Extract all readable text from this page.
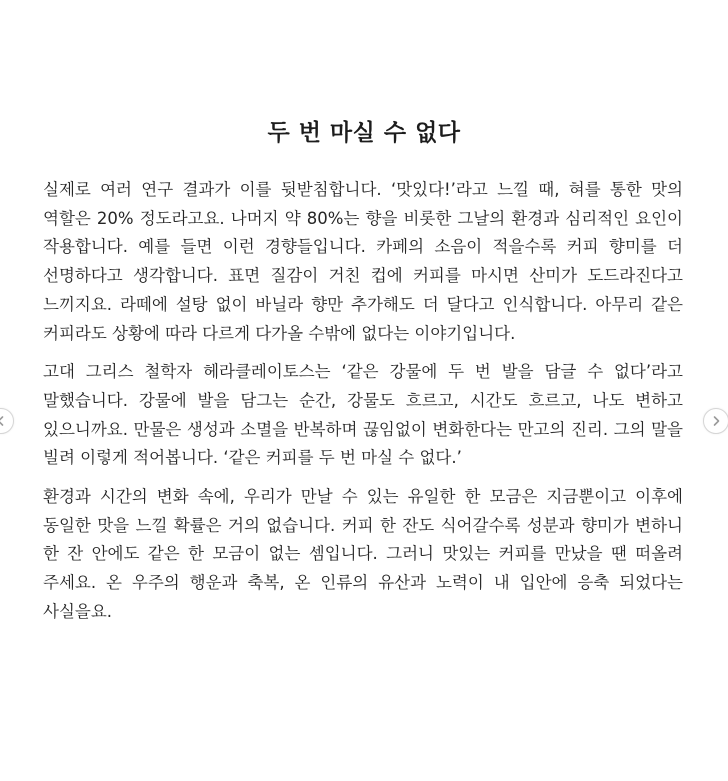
두 번 마실 수 없다

실제로 여러 연구 결과가 이를 뒷받침합니다. ‘맛있다!’라고 느낄 때, 혀를 통한 맛의 역할은 20% 정도라고요. 나머지 약 80%는 향을 비롯한 그날의 환경과 심리적인 요인이 작용합니다. 예를 들면 이런 경향들입니다. 카페의 소음이 적을수록 커피 향미를 더 선명하다고 생각합니다. 표면 질감이 거친 컵에 커피를 마시면 산미가 도드라진다고 느끼지요. 라떼에 설탕 없이 바닐라 향만 추가해도 더 달다고 인식합니다. 아무리 같은 커피라도 상황에 따라 다르게 다가올 수밖에 없다는 이야기입니다.

고대 그리스 철학자 헤라클레이토스는 ‘같은 강물에 두 번 발을 담글 수 없다’라고 말했습니다. 강물에 발을 담그는 순간, 강물도 흐르고, 시간도 흐르고, 나도 변하고 있으니까요. 만물은 생성과 소멸을 반복하며 끊임없이 변화한다는 만고의 진리. 그의 말을 빌려 이렇게 적어봅니다. ‘같은 커피를 두 번 마실 수 없다.’

환경과 시간의 변화 속에, 우리가 만날 수 있는 유일한 한 모금은 지금뿐이고 이후에 동일한 맛을 느낄 확률은 거의 없습니다. 커피 한 잔도 식어갈수록 성분과 향미가 변하니 한 잔 안에도 같은 한 모금이 없는 셈입니다. 그러니 맛있는 커피를 만났을 땐 떠올려 주세요. 온 우주의 행운과 축복, 온 인류의 유산과 노력이 내 입안에 응축 되었다는 사실을요.
